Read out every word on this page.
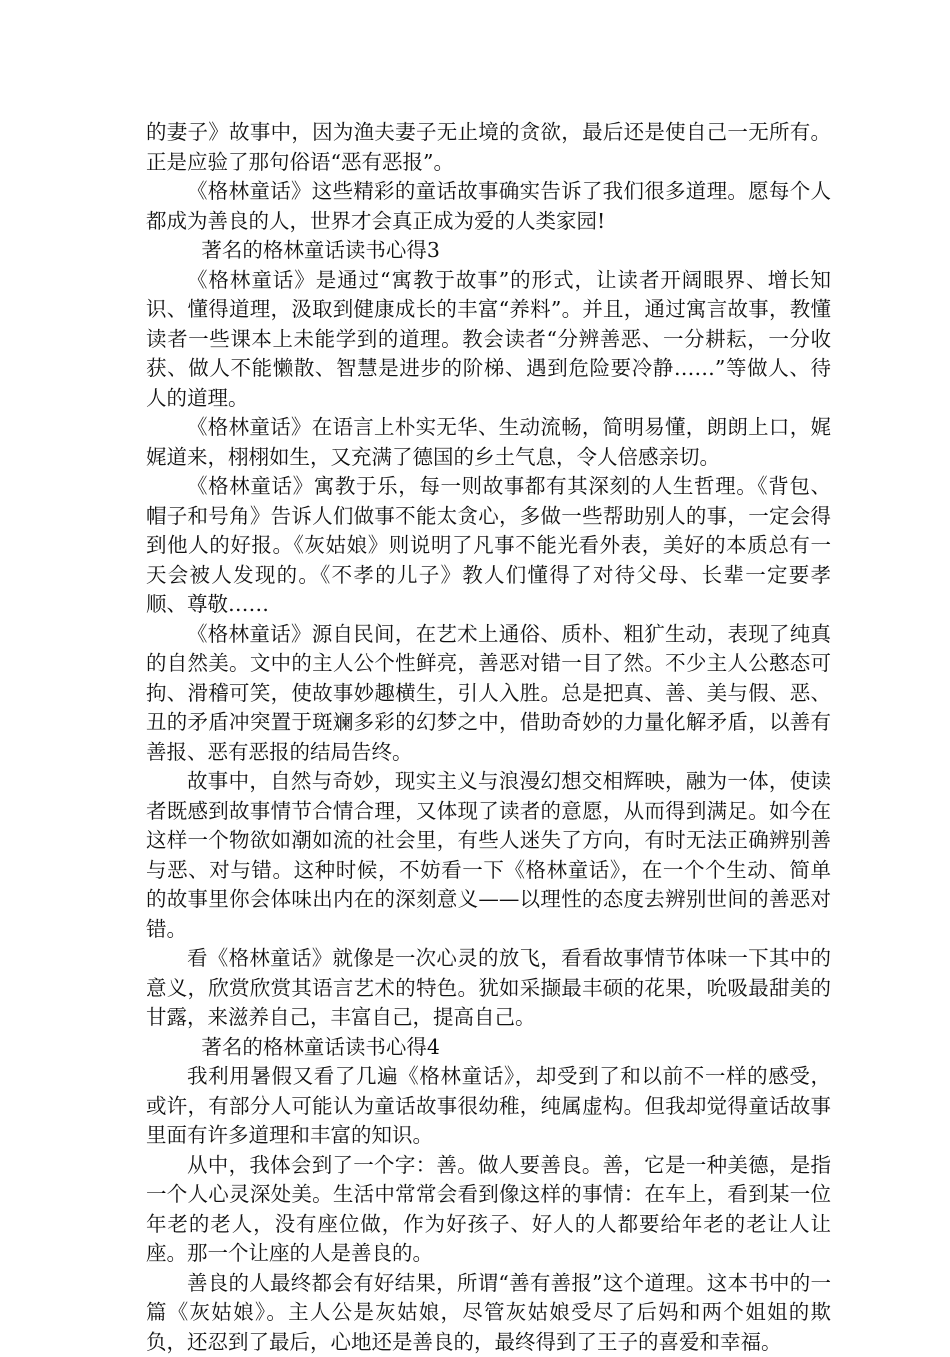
的妻子》故事中，因为渔夫妻子无止境的贪欲，最后还是使自己一无所有。正是应验了那句俗语“恶有恶报”。

《格林童话》这些精彩的童话故事确实告诉了我们很多道理。愿每个人都成为善良的人，世界才会真正成为爱的人类家园!

著名的格林童话读书心得3

《格林童话》是通过“寓教于故事”的形式，让读者开阔眼界、增长知识、懂得道理，汲取到健康成长的丰富“养料”。并且，通过寓言故事，教懂读者一些课本上未能学到的道理。教会读者“分辨善恶、一分耕耘，一分收获、做人不能懒散、智慧是进步的阶梯、遇到危险要冷静……”等做人、待人的道理。

《格林童话》在语言上朴实无华、生动流畅，简明易懂，朗朗上口，娓娓道来，栩栩如生，又充满了德国的乡土气息，令人倍感亲切。

《格林童话》寓教于乐，每一则故事都有其深刻的人生哲理。《背包、帽子和号角》告诉人们做事不能太贪心，多做一些帮助别人的事，一定会得到他人的好报。《灰姑娘》则说明了凡事不能光看外表，美好的本质总有一天会被人发现的。《不孝的儿子》教人们懂得了对待父母、长辈一定要孝顺、尊敬……

《格林童话》源自民间，在艺术上通俗、质朴、粗犷生动，表现了纯真的自然美。文中的主人公个性鲜亮，善恶对错一目了然。不少主人公憨态可拘、滑稽可笑，使故事妙趣横生，引人入胜。总是把真、善、美与假、恶、丑的矛盾冲突置于斑斓多彩的幻梦之中，借助奇妙的力量化解矛盾，以善有善报、恶有恶报的结局告终。

故事中，自然与奇妙，现实主义与浪漫幻想交相辉映，融为一体，使读者既感到故事情节合情合理，又体现了读者的意愿，从而得到满足。如今在这样一个物欲如潮如流的社会里，有些人迷失了方向，有时无法正确辨别善与恶、对与错。这种时候，不妨看一下《格林童话》，在一个个生动、简单的故事里你会体味出内在的深刻意义——以理性的态度去辨别世间的善恶对错。

看《格林童话》就像是一次心灵的放飞，看看故事情节体味一下其中的意义，欣赏欣赏其语言艺术的特色。犹如采撷最丰硕的花果，吮吸最甜美的甘露，来滋养自己，丰富自己，提高自己。

著名的格林童话读书心得4

我利用暑假又看了几遍《格林童话》，却受到了和以前不一样的感受，或许，有部分人可能认为童话故事很幼稚，纯属虚构。但我却觉得童话故事里面有许多道理和丰富的知识。

从中，我体会到了一个字：善。做人要善良。善，它是一种美德，是指一个人心灵深处美。生活中常常会看到像这样的事情：在车上，看到某一位年老的老人，没有座位做，作为好孩子、好人的人都要给年老的老让人让座。那一个让座的人是善良的。

善良的人最终都会有好结果，所谓“善有善报”这个道理。这本书中的一篇《灰姑娘》。主人公是灰姑娘，尽管灰姑娘受尽了后妈和两个姐姐的欺负，还忍到了最后，心地还是善良的，最终得到了王子的喜爱和幸福。
